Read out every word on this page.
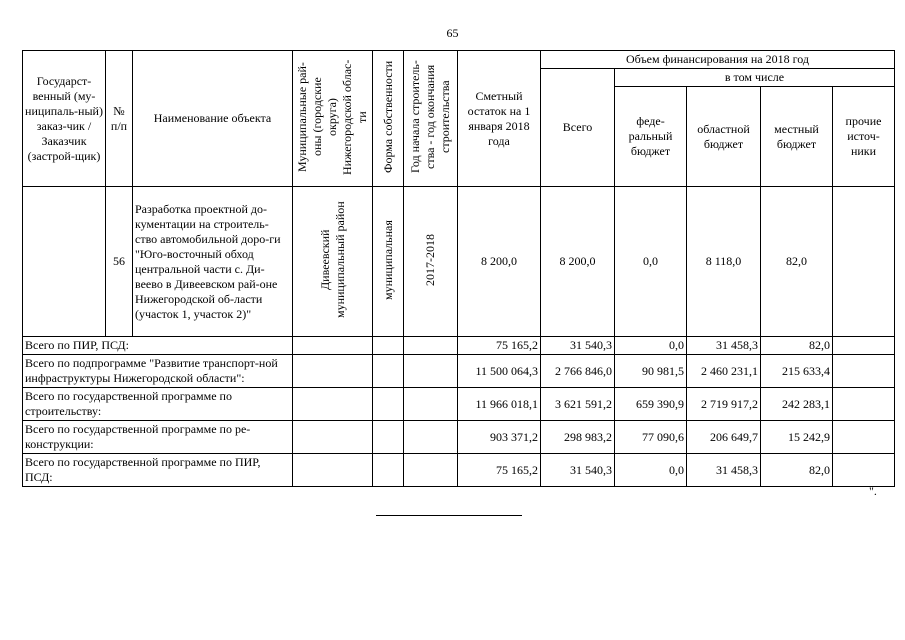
65
Государст-венный (му-ниципаль-ный) заказ-чик / Заказчик (застрой-щик)	№ п/п	Наименование объекта	Муниципальные рай-оны (городские округа) Нижегородской облас-ти	Форма собственности	Год начала строитель-ства - год окончания строительства	Сметный остаток на 1 января 2018 года	Объем финансирования на 2018 год				
							Всего	в том числе			
								феде-ральный бюджет	областной бюджет	местный бюджет	прочие источ-ники
	56	Разработка проектной до-кументации на строитель-ство автомобильной доро-ги "Юго-восточный обход центральной части с. Ди-веево в Дивеевском рай-оне Нижегородской об-ласти (участок 1, участок 2)"	Дивеевский муниципальный район	муниципальная	2017-2018	8 200,0	8 200,0	0,0	8 118,0	82,0	
Всего по ПИР, ПСД:						75 165,2	31 540,3	0,0	31 458,3	82,0	
Всего по подпрограмме "Развитие транспорт-ной инфраструктуры Нижегородской области":						11 500 064,3	2 766 846,0	90 981,5	2 460 231,1	215 633,4	
Всего по государственной программе по строительству:						11 966 018,1	3 621 591,2	659 390,9	2 719 917,2	242 283,1	
Всего по государственной программе по ре-конструкции:						903 371,2	298 983,2	77 090,6	206 649,7	15 242,9	
Всего по государственной программе по ПИР, ПСД:						75 165,2	31 540,3	0,0	31 458,3	82,0	
".
